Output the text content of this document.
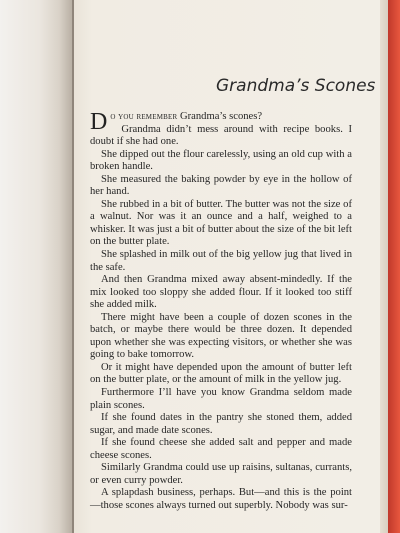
Grandma’s Scones

Do you remember Grandma’s scones?

Grandma didn’t mess around with recipe books. I doubt if she had one.

She dipped out the flour carelessly, using an old cup with a broken handle.

She measured the baking powder by eye in the hollow of her hand.

She rubbed in a bit of butter. The butter was not the size of a walnut. Nor was it an ounce and a half, weighed to a whisker. It was just a bit of butter about the size of the bit left on the butter plate.

She splashed in milk out of the big yellow jug that lived in the safe.

And then Grandma mixed away absent-mindedly. If the mix looked too sloppy she added flour. If it looked too stiff she added milk.

There might have been a couple of dozen scones in the batch, or maybe there would be three dozen. It depended upon whether she was expecting visitors, or whether she was going to bake tomorrow.

Or it might have depended upon the amount of butter left on the butter plate, or the amount of milk in the yellow jug.

Furthermore I’ll have you know Grandma seldom made plain scones.

If she found dates in the pantry she stoned them, added sugar, and made date scones.

If she found cheese she added salt and pepper and made cheese scones.

Similarly Grandma could use up raisins, sultanas, currants, or even curry powder.

A splapdash business, perhaps. But—and this is the point—those scones always turned out superbly. Nobody was sur-
